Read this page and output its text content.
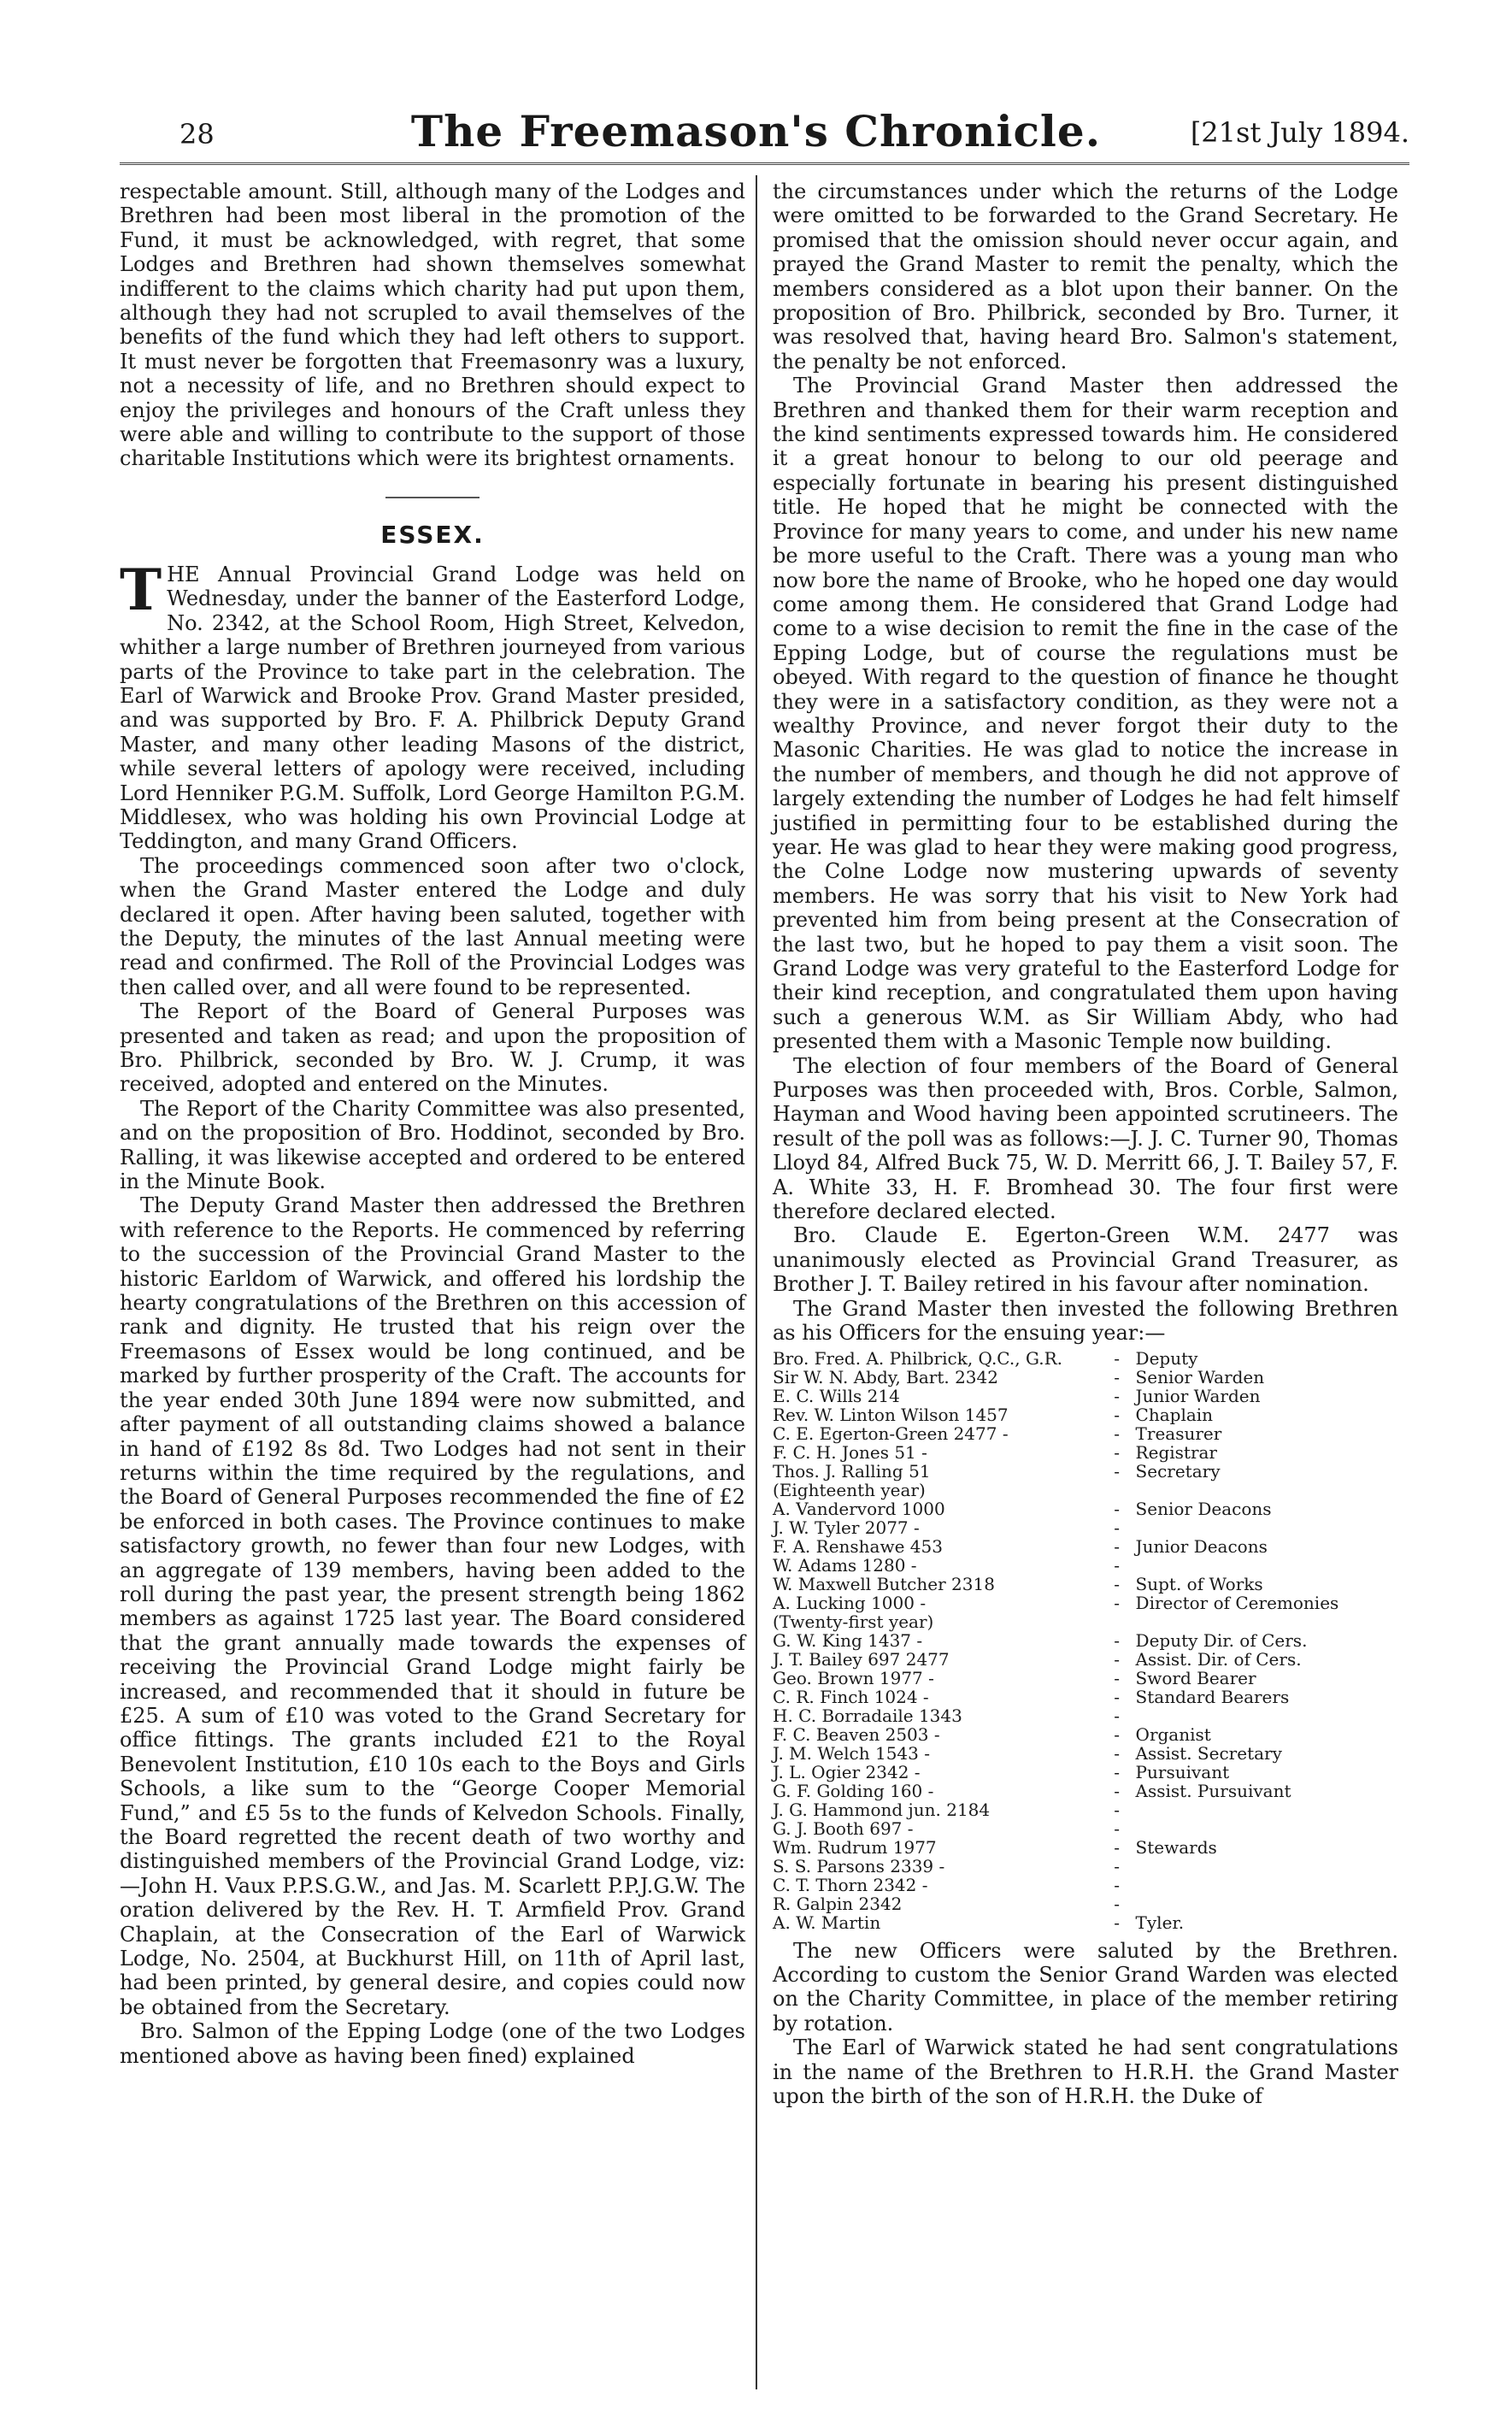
28	The Freemason's Chronicle.	[21st July 1894.

respectable amount. Still, although many of the Lodges and Brethren had been most liberal in the promotion of the Fund, it must be acknowledged, with regret, that some Lodges and Brethren had shown themselves somewhat indifferent to the claims which charity had put upon them, although they had not scrupled to avail themselves of the benefits of the fund which they had left others to support. It must never be forgotten that Freemasonry was a luxury, not a necessity of life, and no Brethren should expect to enjoy the privileges and honours of the Craft unless they were able and willing to contribute to the support of those charitable Institutions which were its brightest ornaments.

ESSEX.

THE Annual Provincial Grand Lodge was held on Wednesday, under the banner of the Easterford Lodge, No. 2342, at the School Room, High Street, Kelvedon, whither a large number of Brethren journeyed from various parts of the Province to take part in the celebration. The Earl of Warwick and Brooke Prov. Grand Master presided, and was supported by Bro. F. A. Philbrick Deputy Grand Master, and many other leading Masons of the district, while several letters of apology were received, including Lord Henniker P.G.M. Suffolk, Lord George Hamilton P.G.M. Middlesex, who was holding his own Provincial Lodge at Teddington, and many Grand Officers.

The proceedings commenced soon after two o'clock, when the Grand Master entered the Lodge and duly declared it open. After having been saluted, together with the Deputy, the minutes of the last Annual meeting were read and confirmed. The Roll of the Provincial Lodges was then called over, and all were found to be represented.

The Report of the Board of General Purposes was presented and taken as read; and upon the proposition of Bro. Philbrick, seconded by Bro. W. J. Crump, it was received, adopted and entered on the Minutes.

The Report of the Charity Committee was also presented, and on the proposition of Bro. Hoddinot, seconded by Bro. Ralling, it was likewise accepted and ordered to be entered in the Minute Book.

The Deputy Grand Master then addressed the Brethren with reference to the Reports. He commenced by referring to the succession of the Provincial Grand Master to the historic Earldom of Warwick, and offered his lordship the hearty congratulations of the Brethren on this accession of rank and dignity. He trusted that his reign over the Freemasons of Essex would be long continued, and be marked by further prosperity of the Craft. The accounts for the year ended 30th June 1894 were now submitted, and after payment of all outstanding claims showed a balance in hand of £192 8s 8d. Two Lodges had not sent in their returns within the time required by the regulations, and the Board of General Purposes recommended the fine of £2 be enforced in both cases. The Province continues to make satisfactory growth, no fewer than four new Lodges, with an aggregate of 139 members, having been added to the roll during the past year, the present strength being 1862 members as against 1725 last year. The Board considered that the grant annually made towards the expenses of receiving the Provincial Grand Lodge might fairly be increased, and recommended that it should in future be £25. A sum of £10 was voted to the Grand Secretary for office fittings. The grants included £21 to the Royal Benevolent Institution, £10 10s each to the Boys and Girls Schools, a like sum to the “George Cooper Memorial Fund,” and £5 5s to the funds of Kelvedon Schools. Finally, the Board regretted the recent death of two worthy and distinguished members of the Provincial Grand Lodge, viz:—John H. Vaux P.P.S.G.W., and Jas. M. Scarlett P.P.J.G.W. The oration delivered by the Rev. H. T. Armfield Prov. Grand Chaplain, at the Consecration of the Earl of Warwick Lodge, No. 2504, at Buckhurst Hill, on 11th of April last, had been printed, by general desire, and copies could now be obtained from the Secretary.

Bro. Salmon of the Epping Lodge (one of the two Lodges mentioned above as having been fined) explained

the circumstances under which the returns of the Lodge were omitted to be forwarded to the Grand Secretary. He promised that the omission should never occur again, and prayed the Grand Master to remit the penalty, which the members considered as a blot upon their banner. On the proposition of Bro. Philbrick, seconded by Bro. Turner, it was resolved that, having heard Bro. Salmon's statement, the penalty be not enforced.

The Provincial Grand Master then addressed the Brethren and thanked them for their warm reception and the kind sentiments expressed towards him. He considered it a great honour to belong to our old peerage and especially fortunate in bearing his present distinguished title. He hoped that he might be connected with the Province for many years to come, and under his new name be more useful to the Craft. There was a young man who now bore the name of Brooke, who he hoped one day would come among them. He considered that Grand Lodge had come to a wise decision to remit the fine in the case of the Epping Lodge, but of course the regulations must be obeyed. With regard to the question of finance he thought they were in a satisfactory condition, as they were not a wealthy Province, and never forgot their duty to the Masonic Charities. He was glad to notice the increase in the number of members, and though he did not approve of largely extending the number of Lodges he had felt himself justified in permitting four to be established during the year. He was glad to hear they were making good progress, the Colne Lodge now mustering upwards of seventy members. He was sorry that his visit to New York had prevented him from being present at the Consecration of the last two, but he hoped to pay them a visit soon. The Grand Lodge was very grateful to the Easterford Lodge for their kind reception, and congratulated them upon having such a generous W.M. as Sir William Abdy, who had presented them with a Masonic Temple now building.

The election of four members of the Board of General Purposes was then proceeded with, Bros. Corble, Salmon, Hayman and Wood having been appointed scrutineers. The result of the poll was as follows:—J. J. C. Turner 90, Thomas Lloyd 84, Alfred Buck 75, W. D. Merritt 66, J. T. Bailey 57, F. A. White 33, H. F. Bromhead 30. The four first were therefore declared elected.

Bro. Claude E. Egerton-Green W.M. 2477 was unanimously elected as Provincial Grand Treasurer, as Brother J. T. Bailey retired in his favour after nomination.

The Grand Master then invested the following Brethren as his Officers for the ensuing year:—

Bro. Fred. A. Philbrick, Q.C., G.R.	-	Deputy
Sir W. N. Abdy, Bart. 2342	-	Senior Warden
E. C. Wills 214	-	Junior Warden
Rev. W. Linton Wilson 1457	-	Chaplain
C. E. Egerton-Green 2477 -	-	Treasurer
F. C. H. Jones 51 -	-	Registrar
Thos. J. Ralling 51	-	Secretary
(Eighteenth year)		
A. Vandervord 1000	-	Senior Deacons
J. W. Tyler 2077 -	-	
F. A. Renshawe 453	-	Junior Deacons
W. Adams 1280 -	-	
W. Maxwell Butcher 2318	-	Supt. of Works
A. Lucking 1000 -	-	Director of Ceremonies
(Twenty-first year)		
G. W. King 1437 -	-	Deputy Dir. of Cers.
J. T. Bailey 697 2477	-	Assist. Dir. of Cers.
Geo. Brown 1977 -	-	Sword Bearer
C. R. Finch 1024 -	-	Standard Bearers
H. C. Borradaile 1343	-	
F. C. Beaven 2503 -	-	Organist
J. M. Welch 1543 -	-	Assist. Secretary
J. L. Ogier 2342 -	-	Pursuivant
G. F. Golding 160 -	-	Assist. Pursuivant
J. G. Hammond jun. 2184	-	
G. J. Booth 697 -	-	
Wm. Rudrum 1977	-	Stewards
S. S. Parsons 2339 -	-	
C. T. Thorn 2342 -	-	
R. Galpin 2342	-	
A. W. Martin	-	Tyler.

The new Officers were saluted by the Brethren. According to custom the Senior Grand Warden was elected on the Charity Committee, in place of the member retiring by rotation.

The Earl of Warwick stated he had sent congratulations in the name of the Brethren to H.R.H. the Grand Master upon the birth of the son of H.R.H. the Duke of
